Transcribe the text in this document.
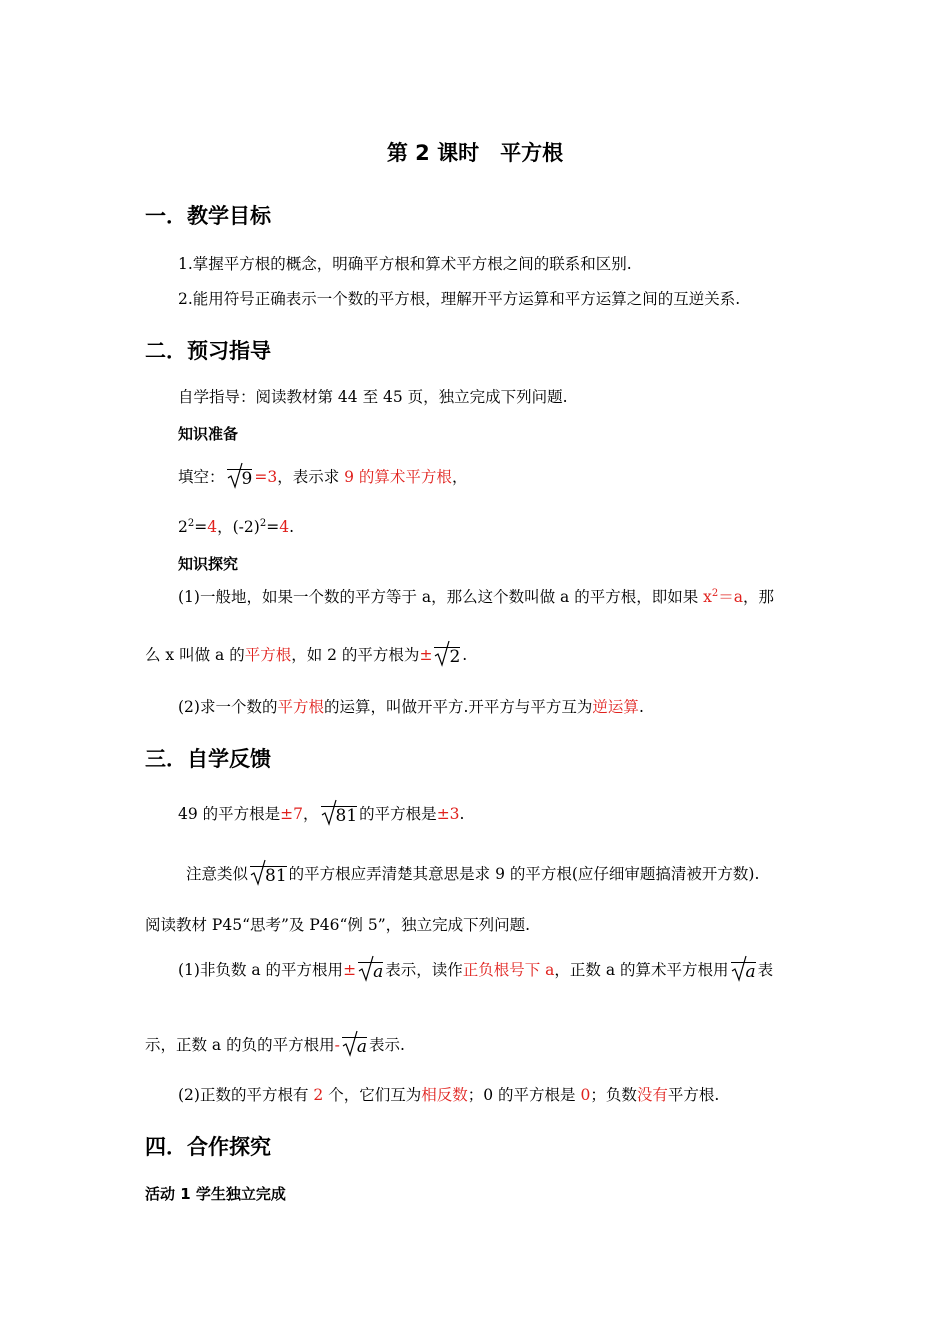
第 2 课时　平方根
一．教学目标
1.掌握平方根的概念，明确平方根和算术平方根之间的联系和区别.
2.能用符号正确表示一个数的平方根，理解开平方运算和平方运算之间的互逆关系.
二．预习指导
自学指导：阅读教材第 44 至 45 页，独立完成下列问题.
知识准备
填空： 9 =3，表示求 9 的算术平方根，
$2^2=4$，$(-2)^2=4$.
知识探究
(1)一般地，如果一个数的平方等于 a，那么这个数叫做 a 的平方根，即如果 $x^2=a$，那
么 x 叫做 a 的平方根，如 2 的平方根为± 2 .
(2)求一个数的平方根的运算，叫做开平方.开平方与平方互为逆运算.
三．自学反馈
49 的平方根是±7， 81 的平方根是±3.
注意类似 81 的平方根应弄清楚其意思是求 9 的平方根(应仔细审题搞清被开方数).
阅读教材 P45“思考”及 P46“例 5”，独立完成下列问题.
(1)非负数 a 的平方根用± a 表示，读作正负根号下 a，正数 a 的算术平方根用 a 表
示，正数 a 的负的平方根用- a 表示.
(2)正数的平方根有 2 个，它们互为相反数；0 的平方根是 0；负数没有平方根.
四．合作探究
活动 1 学生独立完成
